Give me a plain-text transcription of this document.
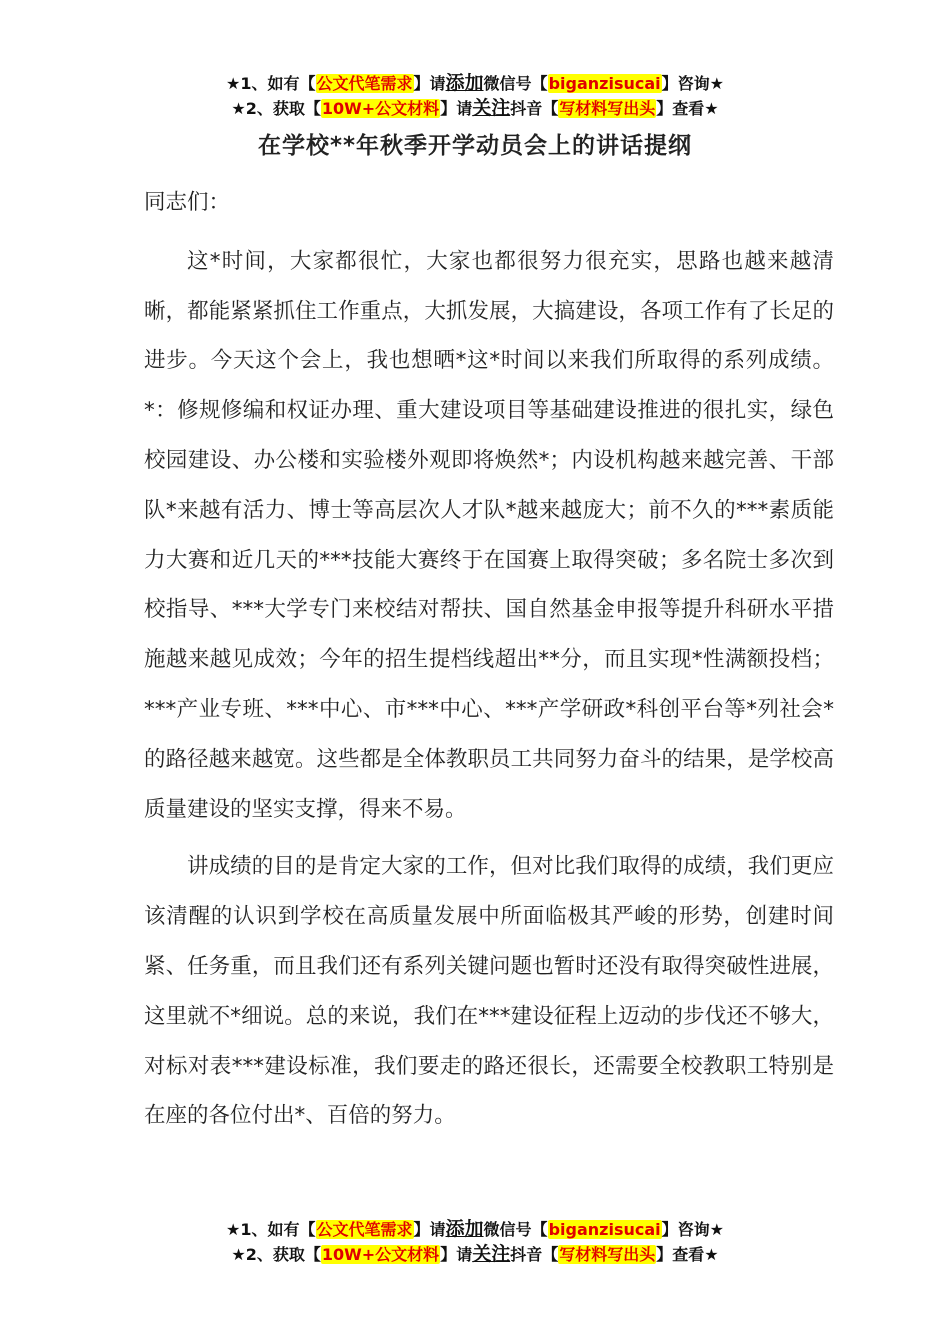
★1、如有【公文代笔需求】请添加微信号【biganzisucai】咨询★
★2、获取【10W+公文材料】请关注抖音【写材料写出头】查看★
在学校**年秋季开学动员会上的讲话提纲

同志们：

这*时间，大家都很忙，大家也都很努力很充实，思路也越来越清晰，都能紧紧抓住工作重点，大抓发展，大搞建设，各项工作有了长足的进步。今天这个会上，我也想晒*这*时间以来我们所取得的系列成绩。*：修规修编和权证办理、重大建设项目等基础建设推进的很扎实，绿色校园建设、办公楼和实验楼外观即将焕然*；内设机构越来越完善、干部队*来越有活力、博士等高层次人才队*越来越庞大；前不久的***素质能力大赛和近几天的***技能大赛终于在国赛上取得突破；多名院士多次到校指导、***大学专门来校结对帮扶、国自然基金申报等提升科研水平措施越来越见成效；今年的招生提档线超出**分，而且实现*性满额投档；***产业专班、***中心、市***中心、***产学研政*科创平台等*列社会*的路径越来越宽。这些都是全体教职员工共同努力奋斗的结果，是学校高质量建设的坚实支撑，得来不易。

讲成绩的目的是肯定大家的工作，但对比我们取得的成绩，我们更应该清醒的认识到学校在高质量发展中所面临极其严峻的形势，创建时间紧、任务重，而且我们还有系列关键问题也暂时还没有取得突破性进展，这里就不*细说。总的来说，我们在***建设征程上迈动的步伐还不够大，对标对表***建设标准，我们要走的路还很长，还需要全校教职工特别是在座的各位付出*、百倍的努力。

★1、如有【公文代笔需求】请添加微信号【biganzisucai】咨询★
★2、获取【10W+公文材料】请关注抖音【写材料写出头】查看★
